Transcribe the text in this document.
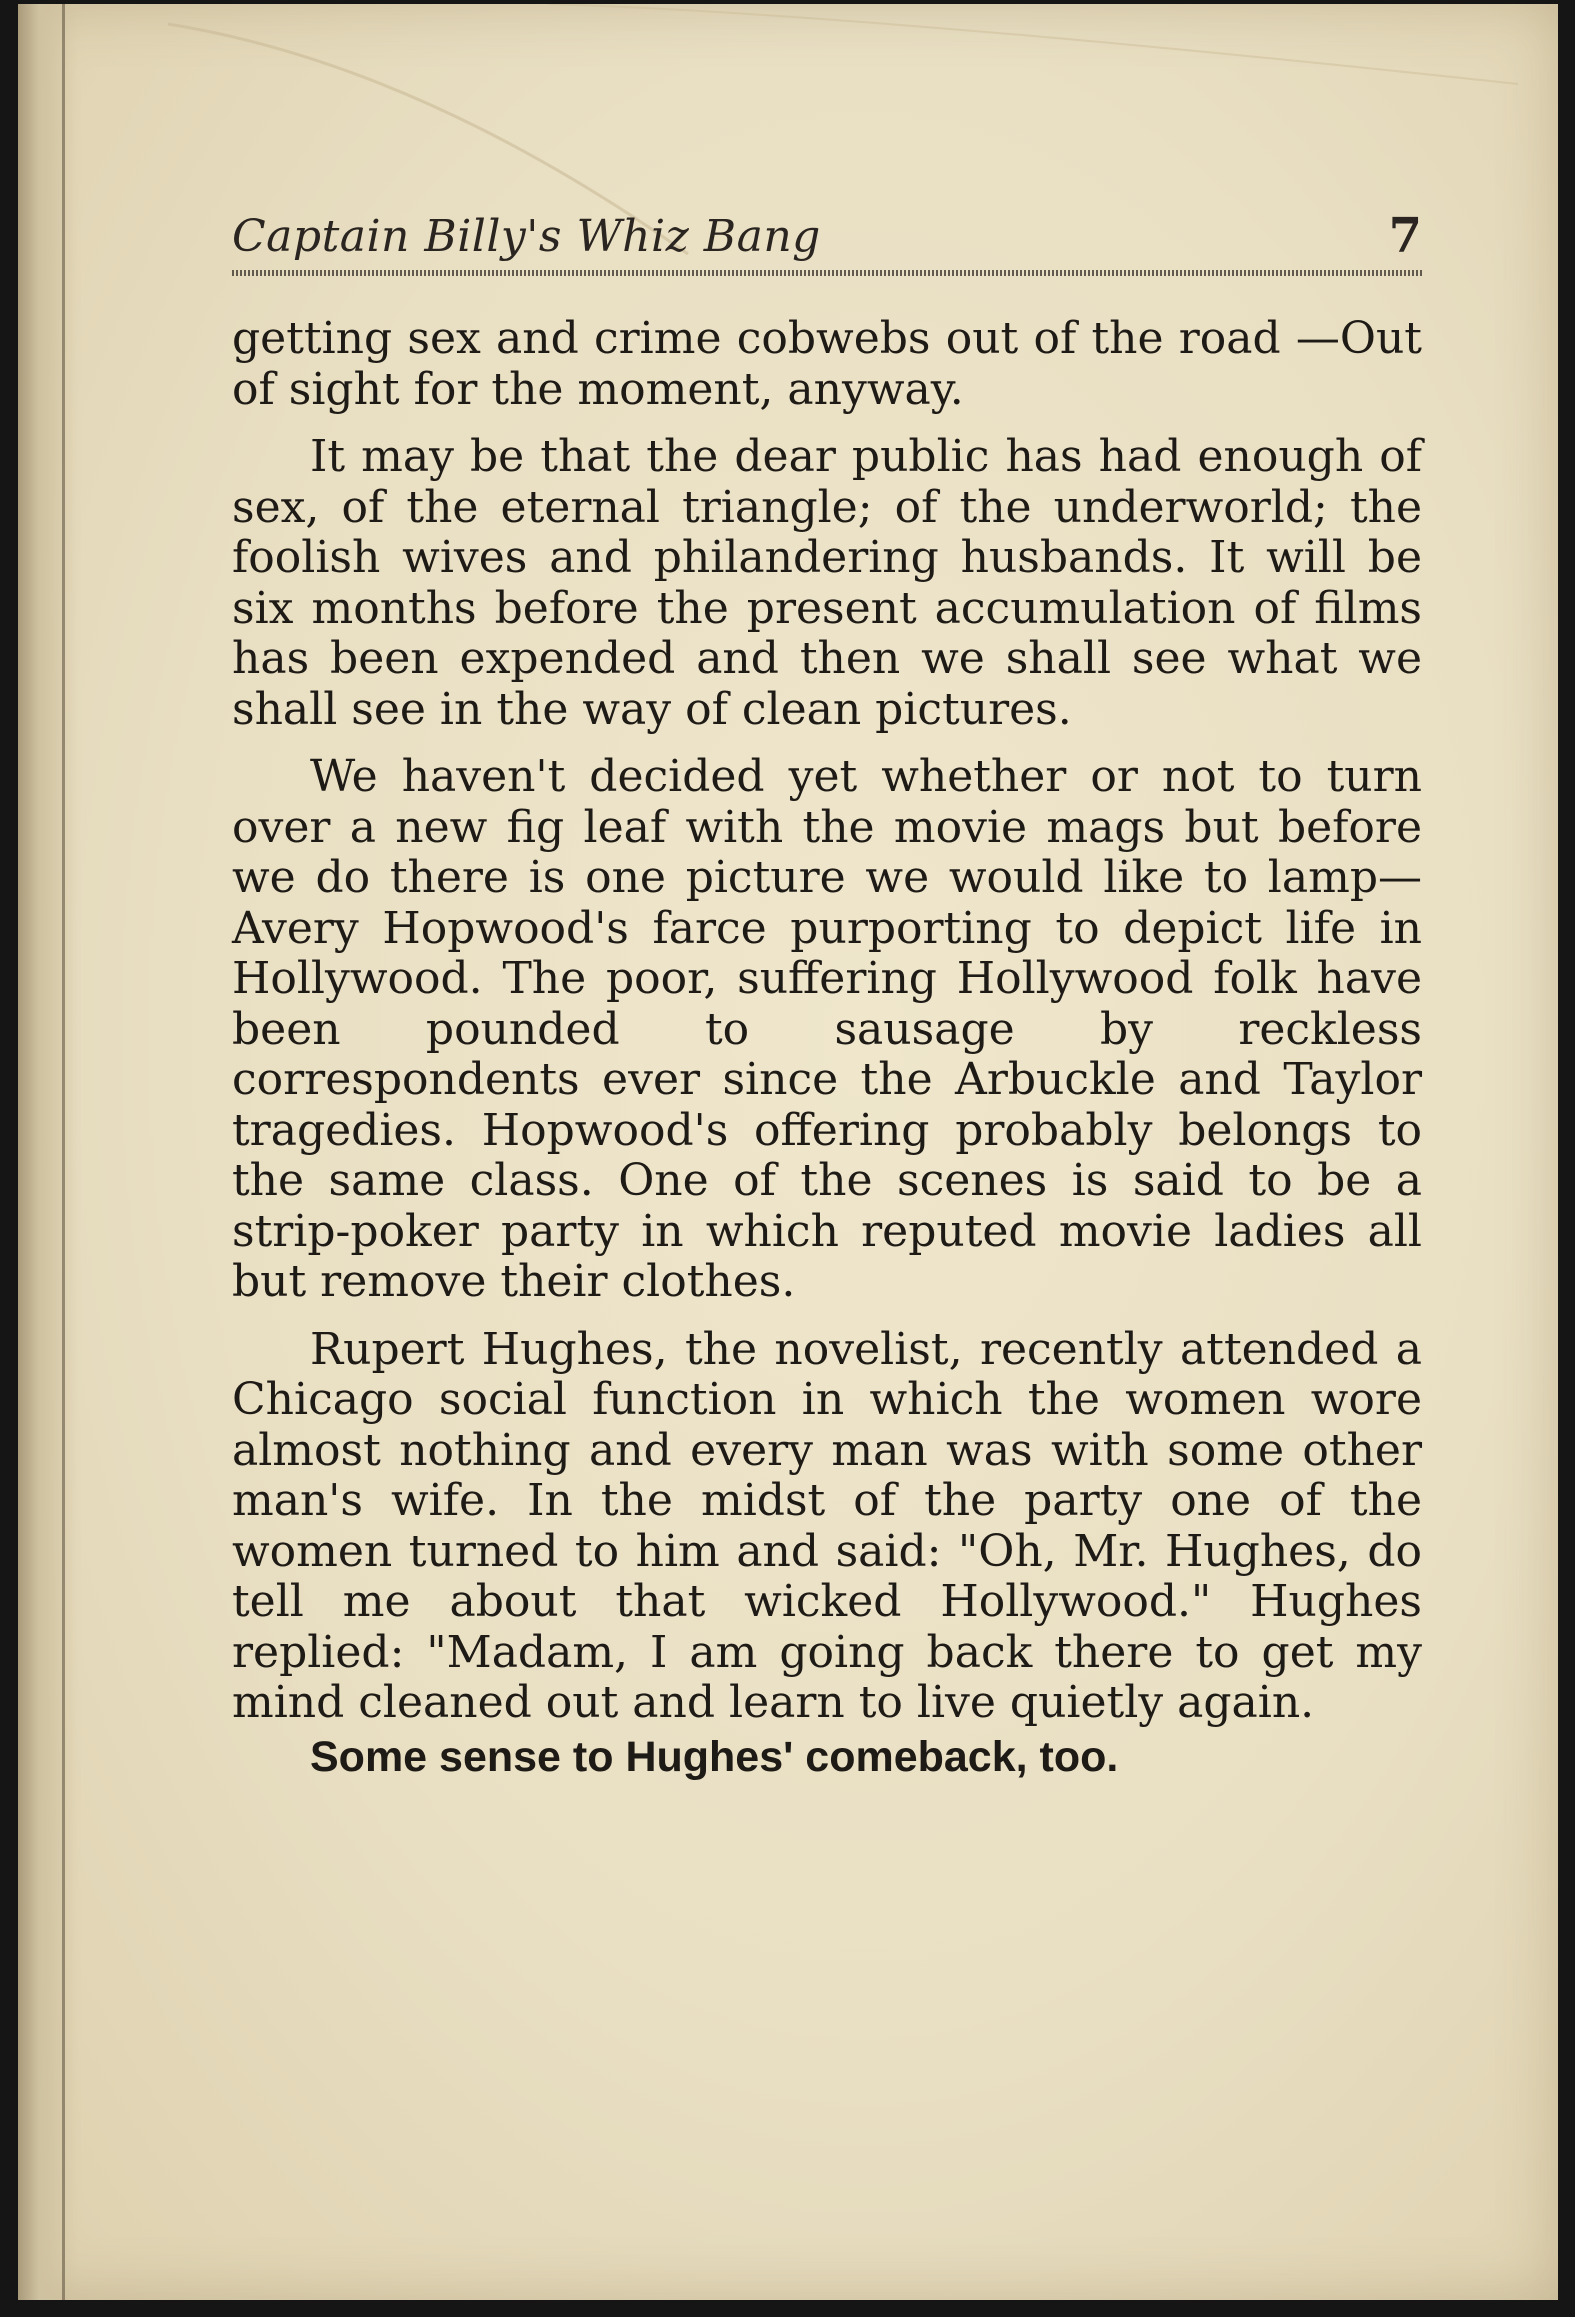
Captain Billy's Whiz Bang	7

getting sex and crime cobwebs out of the road —Out of sight for the moment, anyway.

It may be that the dear public has had enough of sex, of the eternal triangle; of the underworld; the foolish wives and philandering husbands. It will be six months before the present accumulation of films has been expended and then we shall see what we shall see in the way of clean pictures.

We haven't decided yet whether or not to turn over a new fig leaf with the movie mags but before we do there is one picture we would like to lamp—Avery Hopwood's farce purporting to depict life in Hollywood. The poor, suffering Hollywood folk have been pounded to sausage by reckless correspondents ever since the Arbuckle and Taylor tragedies. Hopwood's offering probably belongs to the same class. One of the scenes is said to be a strip-poker party in which reputed movie ladies all but remove their clothes.

Rupert Hughes, the novelist, recently attended a Chicago social function in which the women wore almost nothing and every man was with some other man's wife. In the midst of the party one of the women turned to him and said: "Oh, Mr. Hughes, do tell me about that wicked Hollywood." Hughes replied: "Madam, I am going back there to get my mind cleaned out and learn to live quietly again.

Some sense to Hughes' comeback, too.
